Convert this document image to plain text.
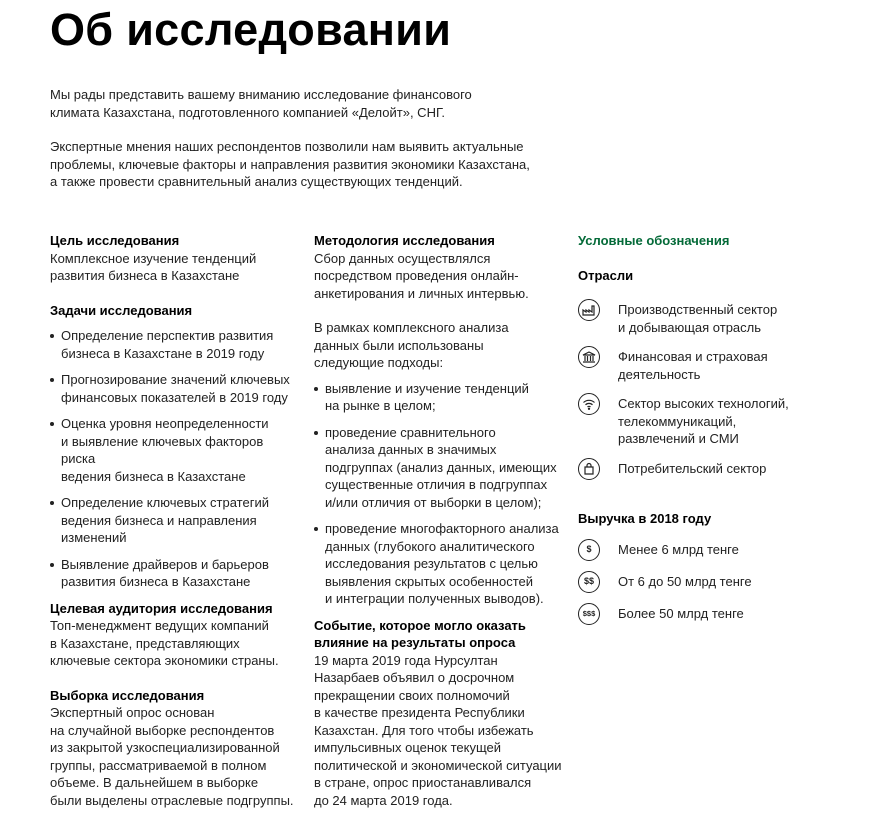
Об исследовании

Мы рады представить вашему вниманию исследование финансового
климата Казахстана, подготовленного компанией «Делойт», СНГ.

Экспертные мнения наших респондентов позволили нам выявить актуальные
проблемы, ключевые факторы и направления развития экономики Казахстана,
а также провести сравнительный анализ существующих тенденций.

Цель исследования

Комплексное изучение тенденций
развития бизнеса в Казахстане

Задачи исследования
Определение перспектив развития
бизнеса в Казахстане в 2019 году
Прогнозирование значений ключевых
финансовых показателей в 2019 году
Оценка уровня неопределенности
и выявление ключевых факторов риска
ведения бизнеса в Казахстане
Определение ключевых стратегий
ведения бизнеса и направления
изменений
Выявление драйверов и барьеров
развития бизнеса в Казахстане
Целевая аудитория исследования

Топ-менеджмент ведущих компаний
в Казахстане, представляющих
ключевые сектора экономики страны.

Выборка исследования

Экспертный опрос основан
на случайной выборке респондентов
из закрытой узкоспециализированной
группы, рассматриваемой в полном
объеме. В дальнейшем в выборке
были выделены отраслевые подгруппы.

Методология исследования

Сбор данных осуществлялся
посредством проведения онлайн-
анкетирования и личных интервью.

В рамках комплексного анализа
данных были использованы
следующие подходы:

выявление и изучение тенденций
на рынке в целом;
проведение сравнительного
анализа данных в значимых
подгруппах (анализ данных, имеющих
существенные отличия в подгруппах
и/или отличия от выборки в целом);
проведение многофакторного анализа
данных (глубокого аналитического
исследования результатов с целью
выявления скрытых особенностей
и интеграции полученных выводов).
Событие, которое могло оказать
влияние на результаты опроса

19 марта 2019 года Нурсултан
Назарбаев объявил о досрочном
прекращении своих полномочий
в качестве президента Республики
Казахстан. Для того чтобы избежать
импульсивных оценок текущей
политической и экономической ситуации
в стране, опрос приостанавливался
до 24 марта 2019 года.

Условные обозначения
Отрасли
Производственный сектор
и добывающая отрасль
Финансовая и страховая
деятельность
Сектор высоких технологий,
телекоммуникаций,
развлечений и СМИ
Потребительский сектор
Выручка в 2018 году
$	Менее 6 млрд тенге
$$	От 6 до 50 млрд тенге
$$$	Более 50 млрд тенге
